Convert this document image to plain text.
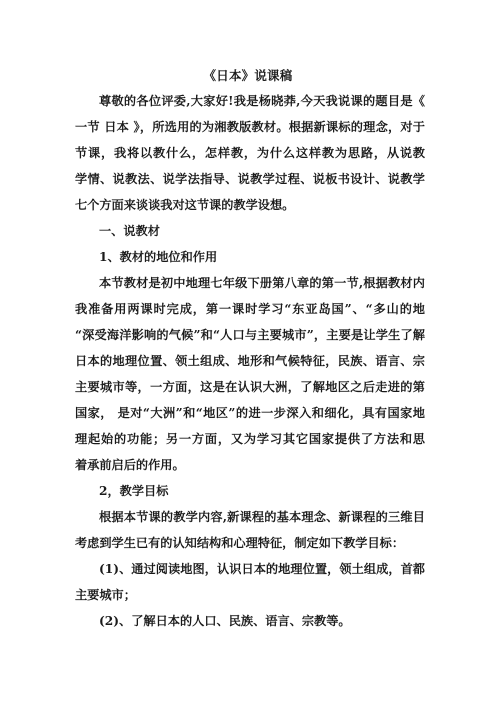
《日本》说课稿
尊敬的各位评委,大家好!我是杨晓莽,今天我说课的题目是《
一节 日本 》，所选用的为湘教版教材。根据新课标的理念，对于
节课，我将以教什么，怎样教，为什么这样教为思路，从说教
学情、说教法、说学法指导、说教学过程、说板书设计、说教学
七个方面来谈谈我对这节课的教学设想。
一、说教材
1、教材的地位和作用
本节教材是初中地理七年级下册第八章的第一节,根据教材内
我准备用两课时完成，第一课时学习“东亚岛国”、“多山的地
“深受海洋影响的气候”和“人口与主要城市”，主要是让学生了解
日本的地理位置、领土组成、地形和气候特征，民族、语言、宗
主要城市等，一方面，这是在认识大洲，了解地区之后走进的第
国家， 是对“大洲”和“地区”的进一步深入和细化，具有国家地
理起始的功能；另一方面，又为学习其它国家提供了方法和思
着承前启后的作用。
2，教学目标
根据本节课的教学内容,新课程的基本理念、新课程的三维目
考虑到学生已有的认知结构和心理特征，制定如下教学目标：
(1)、通过阅读地图，认识日本的地理位置，领土组成，首都
主要城市；
(2)、了解日本的人口、民族、语言、宗教等。
